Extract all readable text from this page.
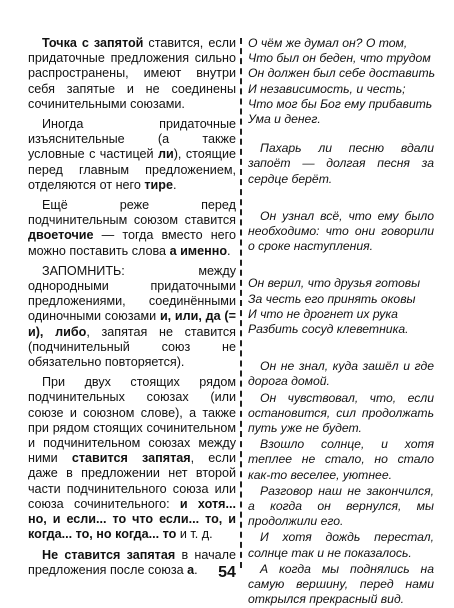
Точка с запятой ставится, если придаточные предложения сильно распространены, имеют внутри себя запятые и не соединены сочинительными союзами.

Иногда придаточные изъяснительные (а также условные с частицей ли), стоящие перед главным предложением, отделяются от него тире.

Ещё реже перед подчинительным союзом ставится двоеточие — тогда вместо него можно поставить слова а именно.

ЗАПОМНИТЬ: между однородными придаточными предложениями, соединёнными одиночными союзами и, или, да (= и), либо, запятая не ставится (подчинительный союз не обязательно повторяется).

При двух стоящих рядом подчинительных союзах (или союзе и союзном слове), а также при рядом стоящих сочинительном и подчинительном союзах между ними ставится запятая, если даже в предложении нет второй части подчинительного союза или союза сочинительного: и хотя... но, и если... то что если... то, и когда... то, но когда... то и т. д.

Не ставится запятая в начале предложения после союза а.

О чём же думал он? О том,
Что был он беден, что трудом
Он должен был себе доставить
И независимость, и честь;
Что мог бы Бог ему прибавить
Ума и денег.
Пахарь ли песню вдали запоёт — долгая песня за сердце берёт.
Он узнал всё, что ему было необходимо: что они говорили о сроке наступления.
Он верил, что друзья готовы
За честь его принять оковы
И что не дрогнет их рука
Разбить сосуд клеветника.
Он не знал, куда зашёл и где дорога домой.
Он чувствовал, что, если остановится, сил продолжать путь уже не будет.
Взошло солнце, и хотя теплее не стало, но стало как-то веселее, уютнее.
Разговор наш не закончился, а когда он вернулся, мы продолжили его.
И хотя дождь перестал, солнце так и не показалось.
А когда мы поднялись на самую вершину, перед нами открылся прекрасный вид.
54
